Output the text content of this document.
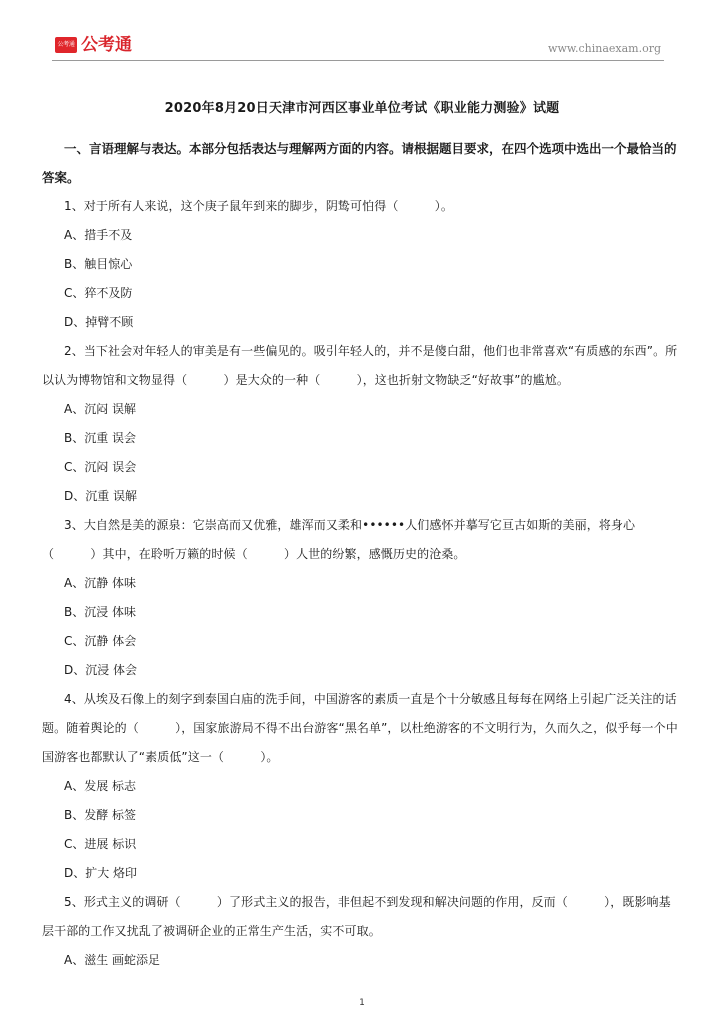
公考通 公考通	www.chinaexam.org
2020年8月20日天津市河西区事业单位考试《职业能力测验》试题

一、言语理解与表达。本部分包括表达与理解两方面的内容。请根据题目要求，在四个选项中选出一个最恰当的答案。

1、对于所有人来说，这个庚子鼠年到来的脚步，阴鸷可怕得（　　　）。

A、措手不及

B、触目惊心

C、猝不及防

D、掉臂不顾

2、当下社会对年轻人的审美是有一些偏见的。吸引年轻人的，并不是傻白甜，他们也非常喜欢“有质感的东西”。所以认为博物馆和文物显得（　　　）是大众的一种（　　　），这也折射文物缺乏“好故事”的尴尬。

A、沉闷 误解

B、沉重 误会

C、沉闷 误会

D、沉重 误解

3、大自然是美的源泉：它崇高而又优雅，雄浑而又柔和••••••人们感怀并摹写它亘古如斯的美丽，将身心（　　　）其中，在聆听万籁的时候（　　　）人世的纷繁，感慨历史的沧桑。

A、沉静 体味

B、沉浸 体味

C、沉静 体会

D、沉浸 体会

4、从埃及石像上的刻字到泰国白庙的洗手间，中国游客的素质一直是个十分敏感且每每在网络上引起广泛关注的话题。随着舆论的（　　　），国家旅游局不得不出台游客“黑名单”，以杜绝游客的不文明行为，久而久之，似乎每一个中国游客也都默认了“素质低”这一（　　　）。

A、发展 标志

B、发酵 标签

C、进展 标识

D、扩大 烙印

5、形式主义的调研（　　　）了形式主义的报告，非但起不到发现和解决问题的作用，反而（　　　），既影响基层干部的工作又扰乱了被调研企业的正常生产生活，实不可取。

A、滋生 画蛇添足

1
